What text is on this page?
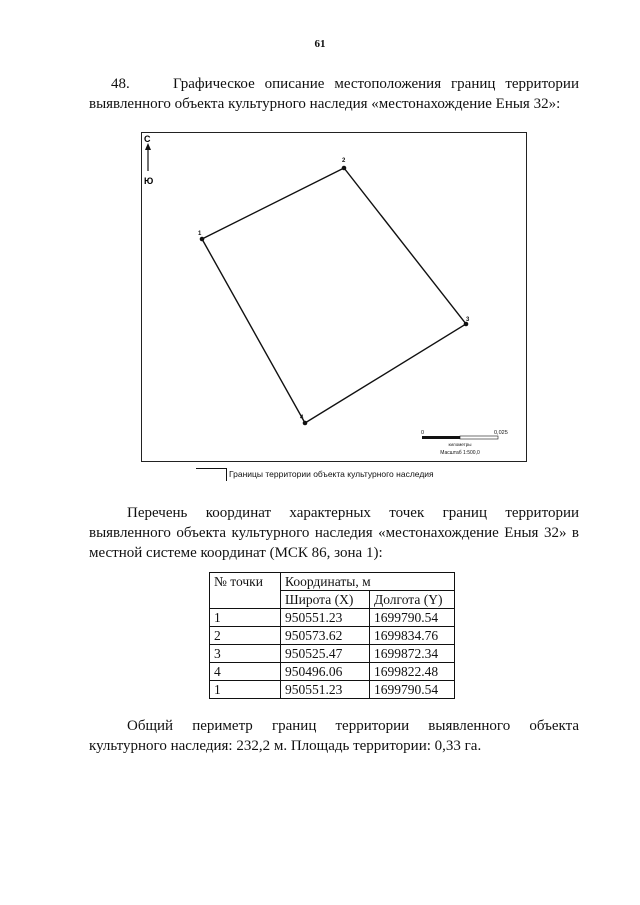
61
48.	Графическое описание местоположения границ территории
выявленного объекта культурного наследия «местонахождение Еныя 32»:
С
Ю
1
2
3
4
0	0,025
километры
Масштаб 1:500,0
Границы территории объекта культурного наследия
Перечень координат характерных точек границ территории
выявленного объекта культурного наследия «местонахождение Еныя 32» в
местной системе координат (МСК 86, зона 1):
№ точки	Координаты, м	
	Широта (X)	Долгота (Y)
1	950551.23	1699790.54
2	950573.62	1699834.76
3	950525.47	1699872.34
4	950496.06	1699822.48
1	950551.23	1699790.54
Общий периметр границ территории выявленного объекта
культурного наследия: 232,2 м. Площадь территории: 0,33 га.
